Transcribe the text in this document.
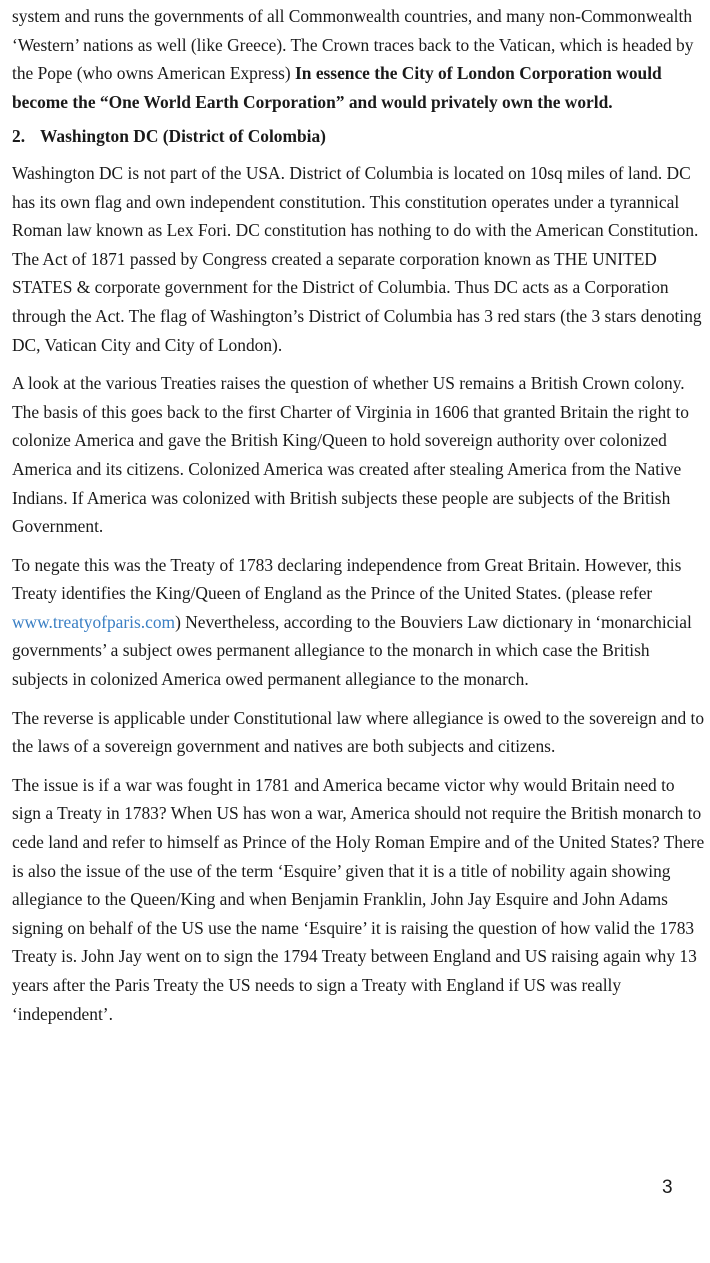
system and runs the governments of all Commonwealth countries, and many non-Commonwealth ‘Western’ nations as well (like Greece). The Crown traces back to the Vatican, which is headed by the Pope (who owns American Express) In essence the City of London Corporation would become the “One World Earth Corporation” and would privately own the world.

2. Washington DC (District of Colombia)

Washington DC is not part of the USA. District of Columbia is located on 10sq miles of land. DC has its own flag and own independent constitution. This constitution operates under a tyrannical Roman law known as Lex Fori. DC constitution has nothing to do with the American Constitution. The Act of 1871 passed by Congress created a separate corporation known as THE UNITED STATES & corporate government for the District of Columbia. Thus DC acts as a Corporation through the Act. The flag of Washington’s District of Columbia has 3 red stars (the 3 stars denoting DC, Vatican City and City of London).

A look at the various Treaties raises the question of whether US remains a British Crown colony. The basis of this goes back to the first Charter of Virginia in 1606 that granted Britain the right to colonize America and gave the British King/Queen to hold sovereign authority over colonized America and its citizens. Colonized America was created after stealing America from the Native Indians. If America was colonized with British subjects these people are subjects of the British Government.

To negate this was the Treaty of 1783 declaring independence from Great Britain. However, this Treaty identifies the King/Queen of England as the Prince of the United States. (please refer www.treatyofparis.com) Nevertheless, according to the Bouviers Law dictionary in ‘monarchicial governments’ a subject owes permanent allegiance to the monarch in which case the British subjects in colonized America owed permanent allegiance to the monarch.

The reverse is applicable under Constitutional law where allegiance is owed to the sovereign and to the laws of a sovereign government and natives are both subjects and citizens.

The issue is if a war was fought in 1781 and America became victor why would Britain need to sign a Treaty in 1783? When US has won a war, America should not require the British monarch to cede land and refer to himself as Prince of the Holy Roman Empire and of the United States? There is also the issue of the use of the term ‘Esquire’ given that it is a title of nobility again showing allegiance to the Queen/King and when Benjamin Franklin, John Jay Esquire and John Adams signing on behalf of the US use the name ‘Esquire’ it is raising the question of how valid the 1783 Treaty is. John Jay went on to sign the 1794 Treaty between England and US raising again why 13 years after the Paris Treaty the US needs to sign a Treaty with England if US was really ‘independent’.

3
